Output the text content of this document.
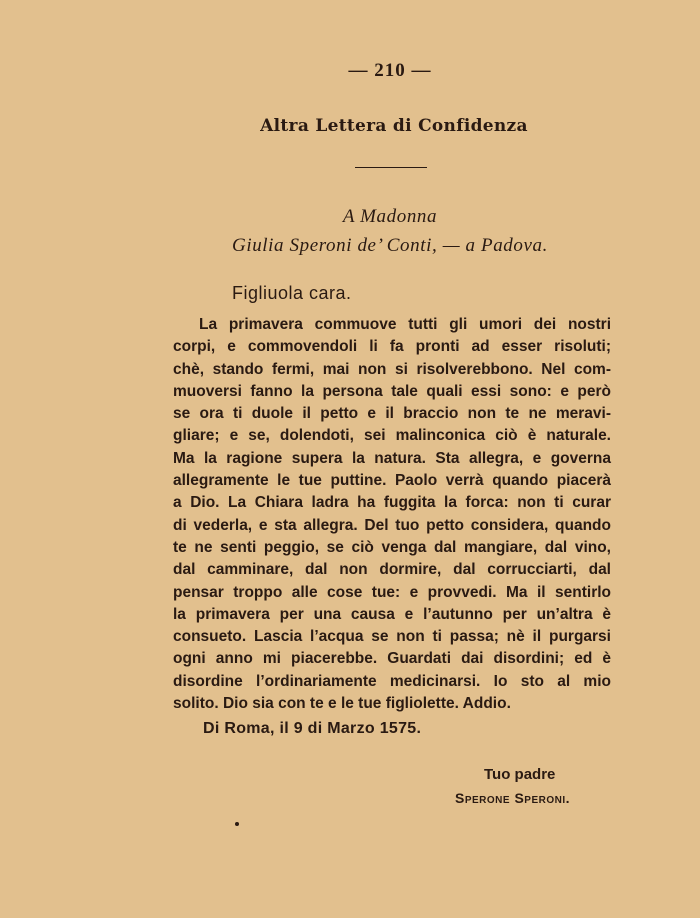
— 210 —
Altra Lettera di Confidenza
A Madonna
Giulia Speroni de’ Conti, — a Padova.
Figliuola cara.
La primavera commuove tutti gli umori dei nostri
corpi, e commovendoli li fa pronti ad esser risoluti;
chè, stando fermi, mai non si risolverebbono. Nel com-
muoversi fanno la persona tale quali essi sono: e però
se ora ti duole il petto e il braccio non te ne meravi-
gliare; e se, dolendoti, sei malinconica ciò è naturale.
Ma la ragione supera la natura. Sta allegra, e governa
allegramente le tue puttine. Paolo verrà quando piacerà
a Dio. La Chiara ladra ha fuggita la forca: non ti curar
di vederla, e sta allegra. Del tuo petto considera, quando
te ne senti peggio, se ciò venga dal mangiare, dal vino,
dal camminare, dal non dormire, dal corrucciarti, dal
pensar troppo alle cose tue: e provvedi. Ma il sentirlo
la primavera per una causa e l’autunno per un’altra è
consueto. Lascia l’acqua se non ti passa; nè il purgarsi
ogni anno mi piacerebbe. Guardati dai disordini; ed è
disordine l’ordinariamente medicinarsi. Io sto al mio
solito. Dio sia con te e le tue figliolette. Addio.
Di Roma, il 9 di Marzo 1575.
Tuo padre
Sperone Speroni.
